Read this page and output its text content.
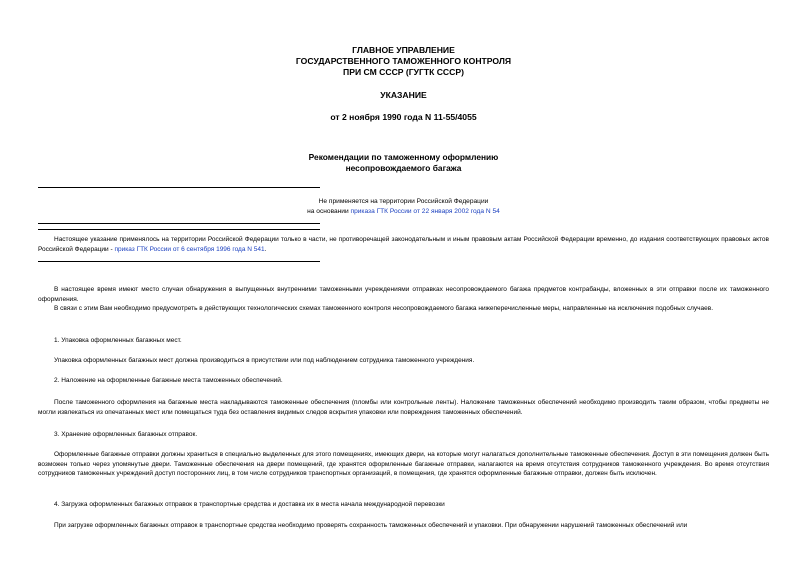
ГЛАВНОЕ УПРАВЛЕНИЕ
ГОСУДАРСТВЕННОГО ТАМОЖЕННОГО КОНТРОЛЯ
ПРИ СМ СССР (ГУГТК СССР)
УКАЗАНИЕ
от 2 ноября 1990 года N 11-55/4055
Рекомендации по таможенному оформлению
несопровождаемого багажа
Не применяется на территории Российской Федерации
на основании приказа ГТК России от 22 января 2002 года N 54
Настоящее указание применялось на территории Российской Федерации только в части, не противоречащей законодательным и иным правовым актам Российской Федерации временно, до издания соответствующих правовых актов Российской Федерации - приказ ГТК России от 6 сентября 1996 года N 541.
В настоящее время имеют место случаи обнаружения в выпущенных внутренними таможенными учреждениями отправках несопровождаемого багажа предметов контрабанды, вложенных в эти отправки после их таможенного оформления.
В связи с этим Вам необходимо предусмотреть в действующих технологических схемах таможенного контроля несопровождаемого багажа нижеперечисленные меры, направленные на исключения подобных случаев.
1. Упаковка оформленных багажных мест.
Упаковка оформленных багажных мест должна производиться в присутствии или под наблюдением сотрудника таможенного учреждения.
2. Наложение на оформленные багажные места таможенных обеспечений.
После таможенного оформления на багажные места накладываются таможенные обеспечения (пломбы или контрольные ленты). Наложение таможенных обеспечений необходимо производить таким образом, чтобы предметы не могли извлекаться из опечатанных мест или помещаться туда без оставления видимых следов вскрытия упаковки или повреждения таможенных обеспечений.
3. Хранение оформленных багажных отправок.
Оформленные багажные отправки должны храниться в специально выделенных для этого помещениях, имеющих двери, на которые могут налагаться дополнительные таможенные обеспечения. Доступ в эти помещения должен быть возможен только через упомянутые двери. Таможенные обеспечения на двери помещений, где хранятся оформленные багажные отправки, налагаются на время отсутствия сотрудников таможенного учреждения. Во время отсутствия сотрудников таможенных учреждений доступ посторонних лиц, в том числе сотрудников транспортных организаций, в помещения, где хранятся оформленные багажные отправки, должен быть исключен.
4. Загрузка оформленных багажных отправок в транспортные средства и доставка их в места начала международной перевозки
При загрузке оформленных багажных отправок в транспортные средства необходимо проверять сохранность таможенных обеспечений и упаковки. При обнаружении нарушений таможенных обеспечений или
